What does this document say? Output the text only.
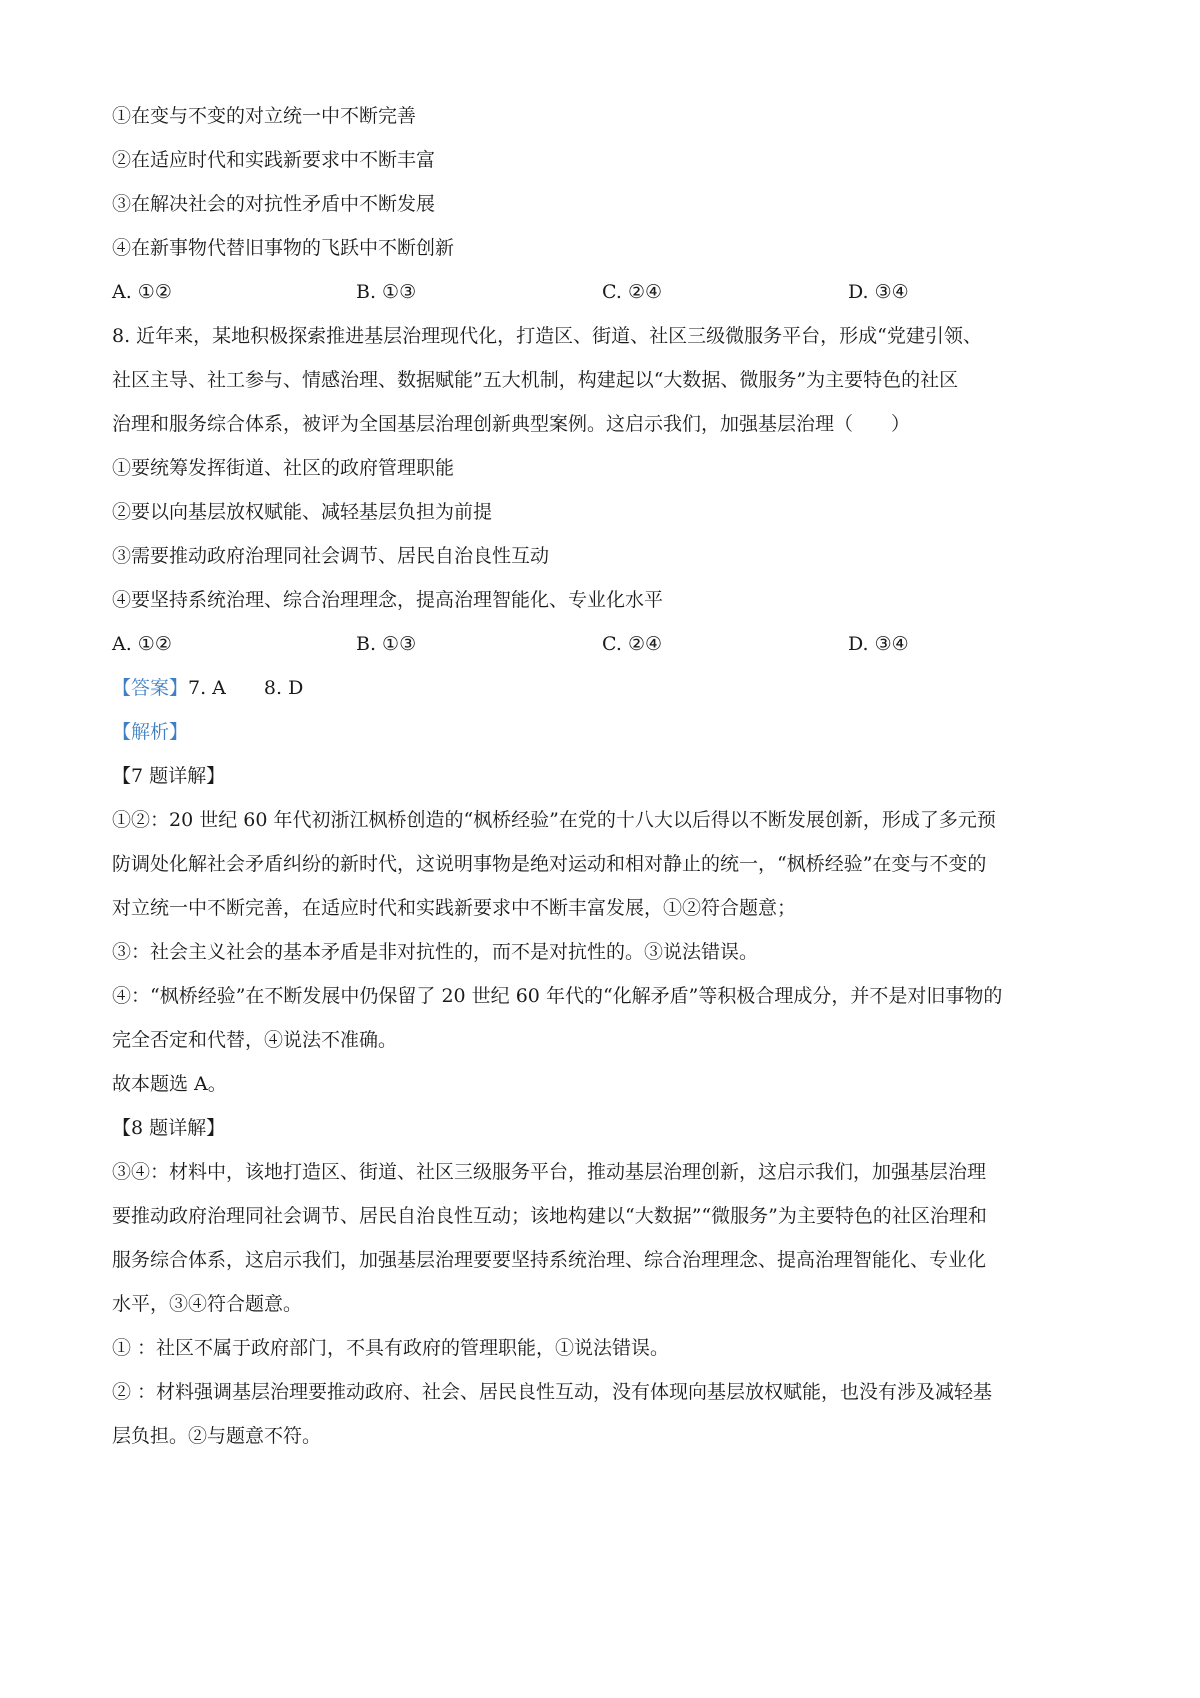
①在变与不变的对立统一中不断完善
②在适应时代和实践新要求中不断丰富
③在解决社会的对抗性矛盾中不断发展
④在新事物代替旧事物的飞跃中不断创新
A. ①②	B. ①③	C. ②④	D. ③④
8. 近年来，某地积极探索推进基层治理现代化，打造区、街道、社区三级微服务平台，形成“党建引领、
社区主导、社工参与、情感治理、数据赋能”五大机制，构建起以“大数据、微服务”为主要特色的社区
治理和服务综合体系，被评为全国基层治理创新典型案例。这启示我们，加强基层治理（　　）
①要统筹发挥街道、社区的政府管理职能
②要以向基层放权赋能、减轻基层负担为前提
③需要推动政府治理同社会调节、居民自治良性互动
④要坚持系统治理、综合治理理念，提高治理智能化、专业化水平
A. ①②	B. ①③	C. ②④	D. ③④
【答案】7. A　　8. D
【解析】
【7 题详解】
①②：20 世纪 60 年代初浙江枫桥创造的“枫桥经验”在党的十八大以后得以不断发展创新，形成了多元预
防调处化解社会矛盾纠纷的新时代，这说明事物是绝对运动和相对静止的统一，“枫桥经验”在变与不变的
对立统一中不断完善，在适应时代和实践新要求中不断丰富发展，①②符合题意；
③：社会主义社会的基本矛盾是非对抗性的，而不是对抗性的。③说法错误。
④：“枫桥经验”在不断发展中仍保留了 20 世纪 60 年代的“化解矛盾”等积极合理成分，并不是对旧事物的
完全否定和代替，④说法不准确。
故本题选 A。
【8 题详解】
③④：材料中，该地打造区、街道、社区三级服务平台，推动基层治理创新，这启示我们，加强基层治理
要推动政府治理同社会调节、居民自治良性互动；该地构建以“大数据”“微服务”为主要特色的社区治理和
服务综合体系，这启示我们，加强基层治理要要坚持系统治理、综合治理理念、提高治理智能化、专业化
水平，③④符合题意。
① ：社区不属于政府部门，不具有政府的管理职能，①说法错误。
② ：材料强调基层治理要推动政府、社会、居民良性互动，没有体现向基层放权赋能，也没有涉及减轻基
层负担。②与题意不符。
